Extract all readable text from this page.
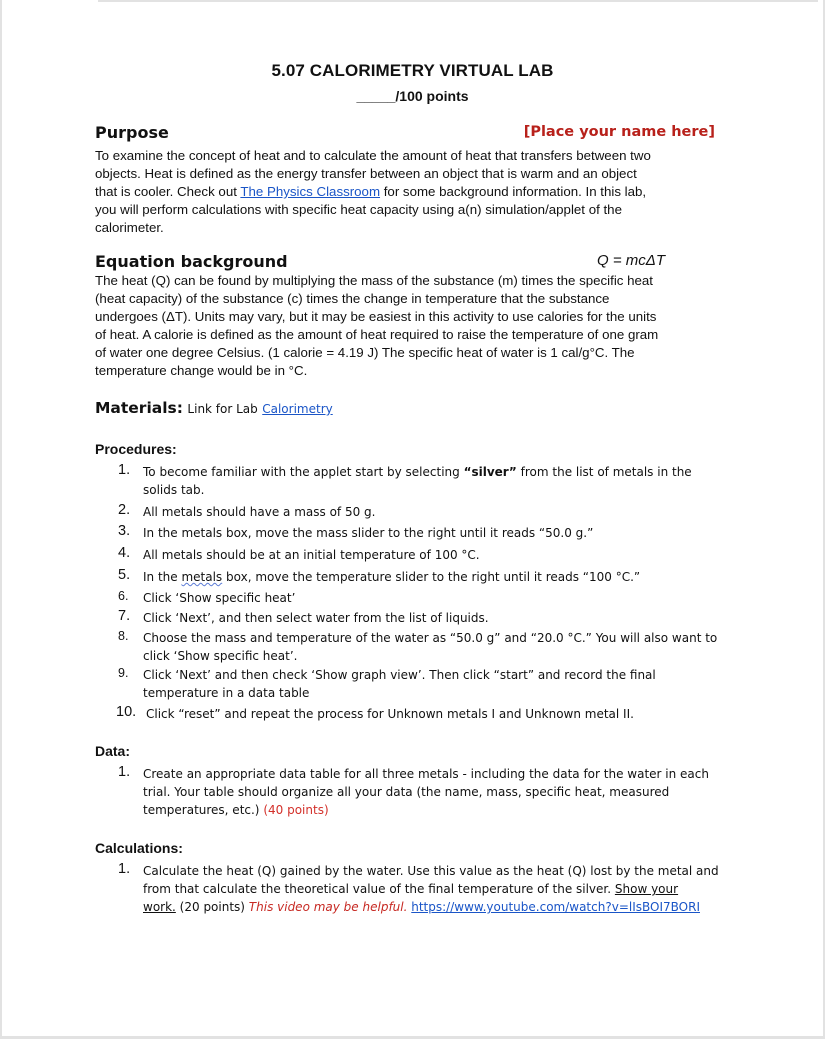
5.07 CALORIMETRY VIRTUAL LAB
_____/100 points
Purpose	[Place your name here]
To examine the concept of heat and to calculate the amount of heat that transfers between two
objects. Heat is defined as the energy transfer between an object that is warm and an object
that is cooler. Check out The Physics Classroom for some background information. In this lab,
you will perform calculations with specific heat capacity using a(n) simulation/applet of the
calorimeter.
Equation background	Q = mcΔT
The heat (Q) can be found by multiplying the mass of the substance (m) times the specific heat
(heat capacity) of the substance (c) times the change in temperature that the substance
undergoes (ΔT). Units may vary, but it may be easiest in this activity to use calories for the units
of heat. A calorie is defined as the amount of heat required to raise the temperature of one gram
of water one degree Celsius. (1 calorie = 4.19 J) The specific heat of water is 1 cal/g°C. The
temperature change would be in °C.
Materials: Link for Lab Calorimetry
Procedures:
1. To become familiar with the applet start by selecting “silver” from the list of metals in the
solids tab.
2. All metals should have a mass of 50 g.
3. In the metals box, move the mass slider to the right until it reads “50.0 g.”
4. All metals should be at an initial temperature of 100 °C.
5. In the metals box, move the temperature slider to the right until it reads “100 °C.”
6. Click ‘Show specific heat’
7. Click ‘Next’, and then select water from the list of liquids.
8. Choose the mass and temperature of the water as “50.0 g” and “20.0 °C.” You will also want to
click ‘Show specific heat’.
9. Click ‘Next’ and then check ‘Show graph view’. Then click “start” and record the final
temperature in a data table
10. Click “reset” and repeat the process for Unknown metals I and Unknown metal II.
Data:
1. Create an appropriate data table for all three metals - including the data for the water in each
trial. Your table should organize all your data (the name, mass, specific heat, measured
temperatures, etc.) (40 points)
Calculations:
1. Calculate the heat (Q) gained by the water. Use this value as the heat (Q) lost by the metal and
from that calculate the theoretical value of the final temperature of the silver. Show your
work. (20 points) This video may be helpful. https://www.youtube.com/watch?v=lIsBOI7BORI
